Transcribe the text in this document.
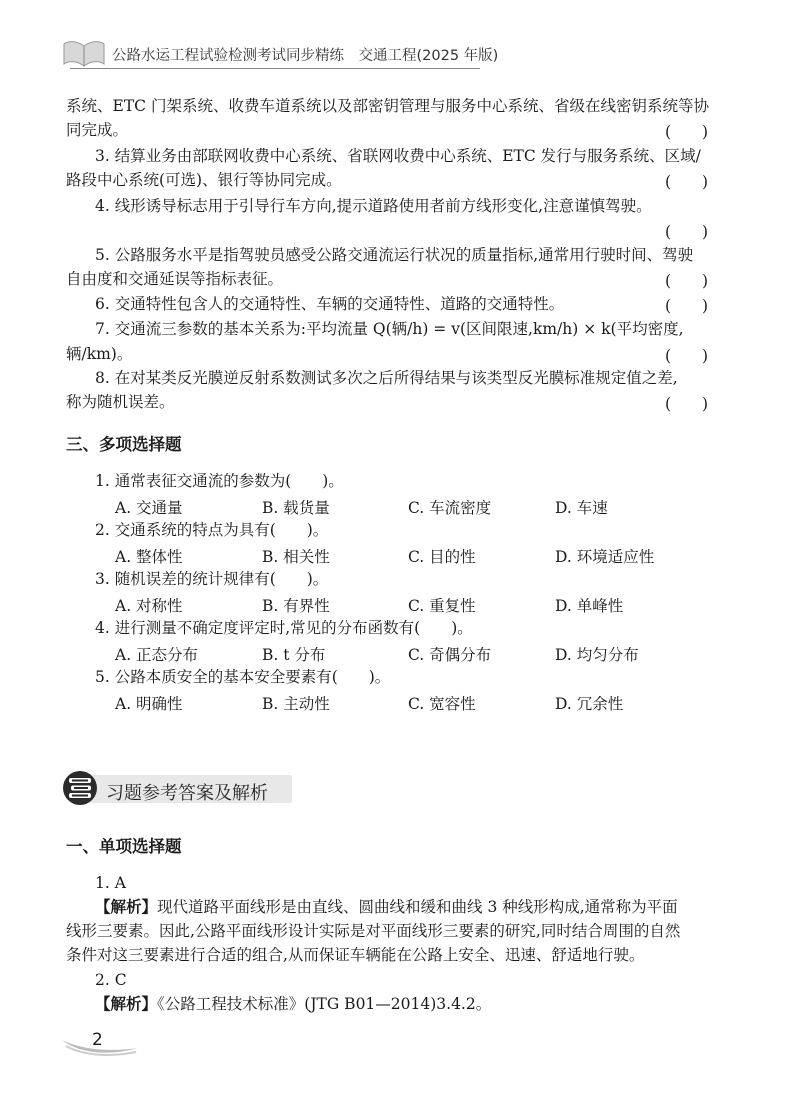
公路水运工程试验检测考试同步精练　交通工程(2025 年版)
系统、ETC 门架系统、收费车道系统以及部密钥管理与服务中心系统、省级在线密钥系统等协
同完成。	(　　)
3. 结算业务由部联网收费中心系统、省联网收费中心系统、ETC 发行与服务系统、区域/
路段中心系统(可选)、银行等协同完成。	(　　)
4. 线形诱导标志用于引导行车方向,提示道路使用者前方线形变化,注意谨慎驾驶。
(　　)
5. 公路服务水平是指驾驶员感受公路交通流运行状况的质量指标,通常用行驶时间、驾驶
自由度和交通延误等指标表征。	(　　)
6. 交通特性包含人的交通特性、车辆的交通特性、道路的交通特性。	(　　)
7. 交通流三参数的基本关系为:平均流量 Q(辆/h) = v(区间限速,km/h) × k(平均密度,
辆/km)。	(　　)
8. 在对某类反光膜逆反射系数测试多次之后所得结果与该类型反光膜标准规定值之差,
称为随机误差。	(　　)
三、多项选择题
1. 通常表征交通流的参数为(　　)。
A. 交通量	B. 载货量	C. 车流密度	D. 车速
2. 交通系统的特点为具有(　　)。
A. 整体性	B. 相关性	C. 目的性	D. 环境适应性
3. 随机误差的统计规律有(　　)。
A. 对称性	B. 有界性	C. 重复性	D. 单峰性
4. 进行测量不确定度评定时,常见的分布函数有(　　)。
A. 正态分布	B. t 分布	C. 奇偶分布	D. 均匀分布
5. 公路本质安全的基本安全要素有(　　)。
A. 明确性	B. 主动性	C. 宽容性	D. 冗余性
习题参考答案及解析
一、单项选择题
1. A
【解析】现代道路平面线形是由直线、圆曲线和缓和曲线 3 种线形构成,通常称为平面
线形三要素。因此,公路平面线形设计实际是对平面线形三要素的研究,同时结合周围的自然
条件对这三要素进行合适的组合,从而保证车辆能在公路上安全、迅速、舒适地行驶。
2. C
【解析】《公路工程技术标准》(JTG B01—2014)3.4.2。
2
